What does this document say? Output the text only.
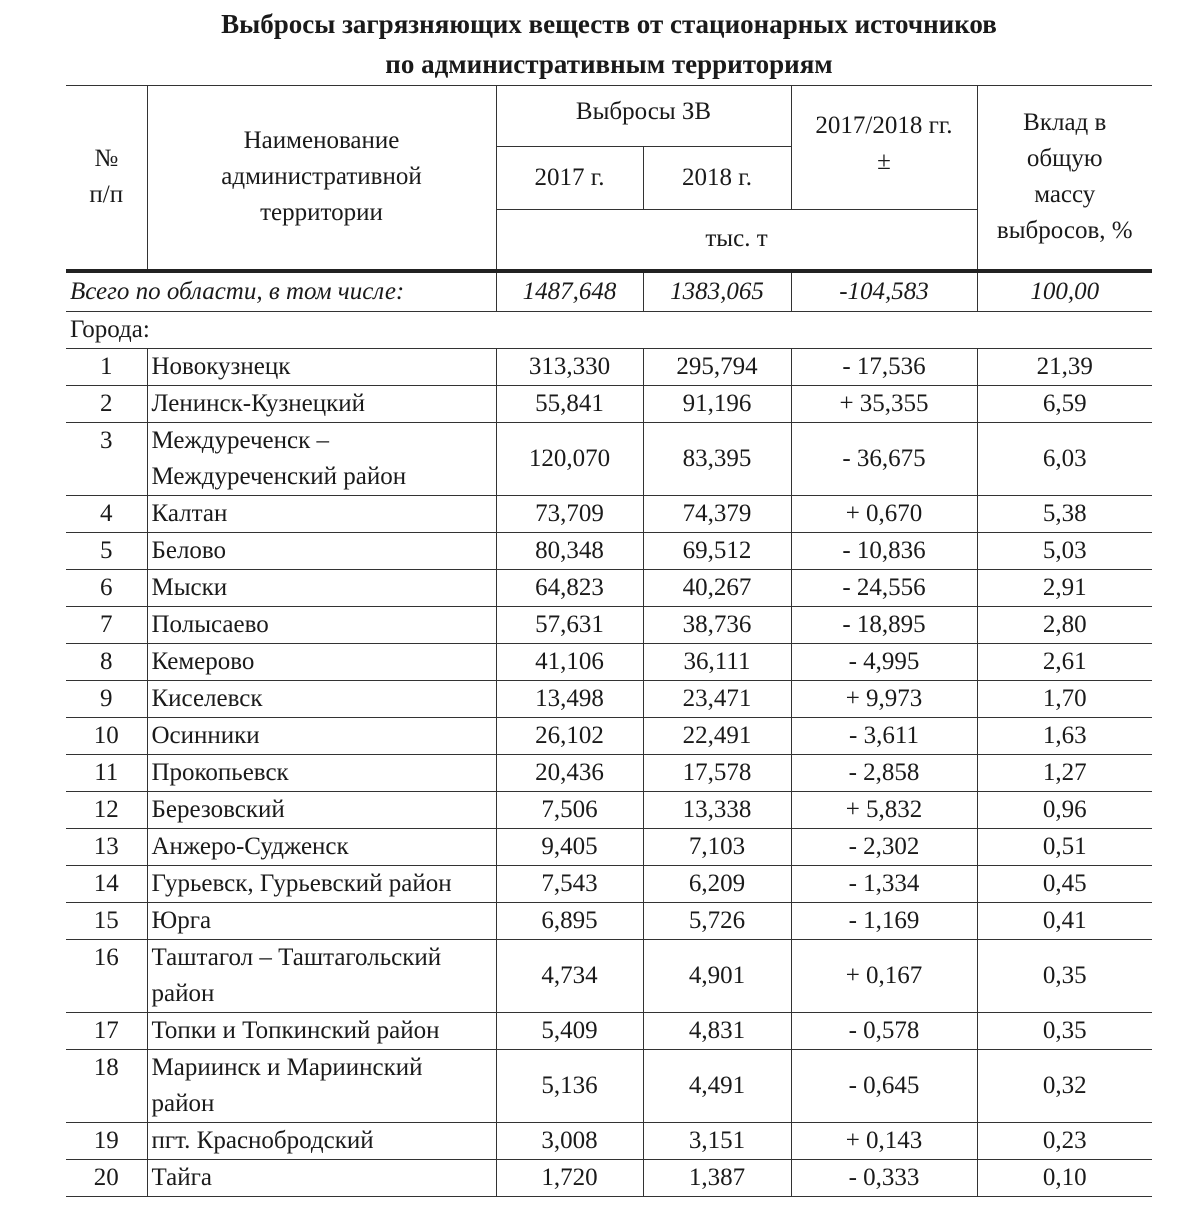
Выбросы загрязняющих веществ от стационарных источников
по административным территориям
№ п/п	Наименование административной территории	Выбросы ЗВ		2017/2018 гг. ±	Вклад в общую массу выбросов, %
		2017 г.	2018 г.		
		тыс. т			
Всего по области, в том числе:		1487,648	1383,065	-104,583	100,00
Города:					
1	Новокузнецк	313,330	295,794	- 17,536	21,39
2	Ленинск-Кузнецкий	55,841	91,196	+ 35,355	6,59
3	Междуреченск – Междуреченский район	120,070	83,395	- 36,675	6,03
4	Калтан	73,709	74,379	+ 0,670	5,38
5	Белово	80,348	69,512	- 10,836	5,03
6	Мыски	64,823	40,267	- 24,556	2,91
7	Полысаево	57,631	38,736	- 18,895	2,80
8	Кемерово	41,106	36,111	- 4,995	2,61
9	Киселевск	13,498	23,471	+ 9,973	1,70
10	Осинники	26,102	22,491	- 3,611	1,63
11	Прокопьевск	20,436	17,578	- 2,858	1,27
12	Березовский	7,506	13,338	+ 5,832	0,96
13	Анжеро-Судженск	9,405	7,103	- 2,302	0,51
14	Гурьевск, Гурьевский район	7,543	6,209	- 1,334	0,45
15	Юрга	6,895	5,726	- 1,169	0,41
16	Таштагол – Таштагольский район	4,734	4,901	+ 0,167	0,35
17	Топки и Топкинский район	5,409	4,831	- 0,578	0,35
18	Мариинск и Мариинский район	5,136	4,491	- 0,645	0,32
19	пгт. Краснобродский	3,008	3,151	+ 0,143	0,23
20	Тайга	1,720	1,387	- 0,333	0,10
